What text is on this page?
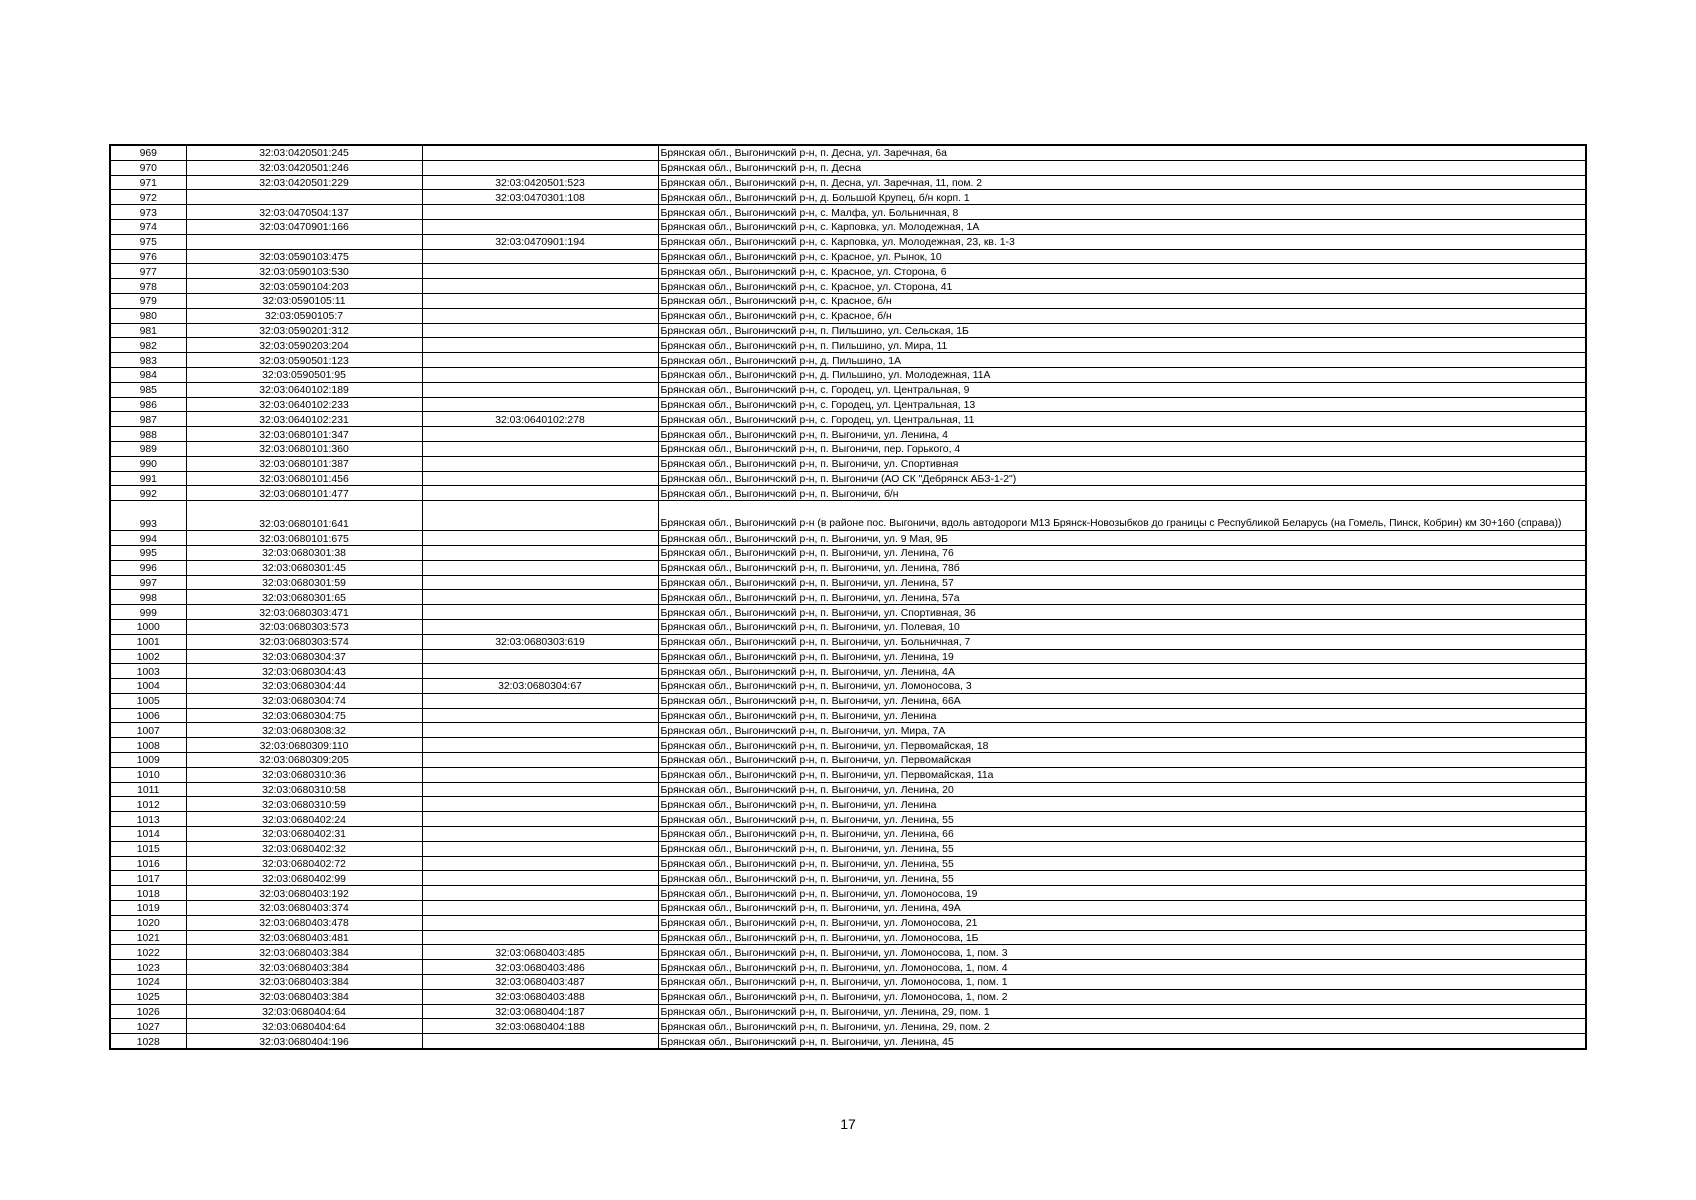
969	32:03:0420501:245		Брянская обл., Выгоничский р-н, п. Десна, ул. Заречная, 6а
970	32:03:0420501:246		Брянская обл., Выгоничский р-н, п. Десна
971	32:03:0420501:229	32:03:0420501:523	Брянская обл., Выгоничский р-н, п. Десна, ул. Заречная, 11, пом. 2
972		32:03:0470301:108	Брянская обл., Выгоничский р-н, д. Большой Крупец, б/н корп. 1
973	32:03:0470504:137		Брянская обл., Выгоничский р-н, с. Малфа, ул. Больничная, 8
974	32:03:0470901:166		Брянская обл., Выгоничский р-н, с. Карповка, ул. Молодежная, 1А
975		32:03:0470901:194	Брянская обл., Выгоничский р-н, с. Карповка, ул. Молодежная, 23, кв. 1-3
976	32:03:0590103:475		Брянская обл., Выгоничский р-н, с. Красное, ул. Рынок, 10
977	32:03:0590103:530		Брянская обл., Выгоничский р-н, с. Красное, ул. Сторона, 6
978	32:03:0590104:203		Брянская обл., Выгоничский р-н, с. Красное, ул. Сторона, 41
979	32:03:0590105:11		Брянская обл., Выгоничский р-н, с. Красное, б/н
980	32:03:0590105:7		Брянская обл., Выгоничский р-н, с. Красное, б/н
981	32:03:0590201:312		Брянская обл., Выгоничский р-н, п. Пильшино, ул. Сельская, 1Б
982	32:03:0590203:204		Брянская обл., Выгоничский р-н, п. Пильшино, ул. Мира, 11
983	32:03:0590501:123		Брянская обл., Выгоничский р-н, д. Пильшино, 1А
984	32:03:0590501:95		Брянская обл., Выгоничский р-н, д. Пильшино, ул. Молодежная, 11А
985	32:03:0640102:189		Брянская обл., Выгоничский р-н, с. Городец, ул. Центральная, 9
986	32:03:0640102:233		Брянская обл., Выгоничский р-н, с. Городец, ул. Центральная, 13
987	32:03:0640102:231	32:03:0640102:278	Брянская обл., Выгоничский р-н, с. Городец, ул. Центральная, 11
988	32:03:0680101:347		Брянская обл., Выгоничский р-н, п. Выгоничи, ул. Ленина, 4
989	32:03:0680101:360		Брянская обл., Выгоничский р-н, п. Выгоничи, пер. Горького, 4
990	32:03:0680101:387		Брянская обл., Выгоничский р-н, п. Выгоничи, ул. Спортивная
991	32:03:0680101:456		Брянская обл., Выгоничский р-н, п. Выгоничи (АО СК "Дебрянск АБЗ-1-2")
992	32:03:0680101:477		Брянская обл., Выгоничский р-н, п. Выгоничи, б/н
993	32:03:0680101:641		Брянская обл., Выгоничский р-н (в районе пос. Выгоничи, вдоль автодороги М13 Брянск-Новозыбков до границы с Республикой Беларусь (на Гомель, Пинск, Кобрин) км 30+160 (справа))
994	32:03:0680101:675		Брянская обл., Выгоничский р-н, п. Выгоничи, ул. 9 Мая, 9Б
995	32:03:0680301:38		Брянская обл., Выгоничский р-н, п. Выгоничи, ул. Ленина, 76
996	32:03:0680301:45		Брянская обл., Выгоничский р-н, п. Выгоничи, ул. Ленина, 78б
997	32:03:0680301:59		Брянская обл., Выгоничский р-н, п. Выгоничи, ул. Ленина, 57
998	32:03:0680301:65		Брянская обл., Выгоничский р-н, п. Выгоничи, ул. Ленина, 57а
999	32:03:0680303:471		Брянская обл., Выгоничский р-н, п. Выгоничи, ул. Спортивная, 36
1000	32:03:0680303:573		Брянская обл., Выгоничский р-н, п. Выгоничи, ул. Полевая, 10
1001	32:03:0680303:574	32:03:0680303:619	Брянская обл., Выгоничский р-н, п. Выгоничи, ул. Больничная, 7
1002	32:03:0680304:37		Брянская обл., Выгоничский р-н, п. Выгоничи, ул. Ленина, 19
1003	32:03:0680304:43		Брянская обл., Выгоничский р-н, п. Выгоничи, ул. Ленина, 4А
1004	32:03:0680304:44	32:03:0680304:67	Брянская обл., Выгоничский р-н, п. Выгоничи, ул. Ломоносова, 3
1005	32:03:0680304:74		Брянская обл., Выгоничский р-н, п. Выгоничи, ул. Ленина, 66А
1006	32:03:0680304:75		Брянская обл., Выгоничский р-н, п. Выгоничи, ул. Ленина
1007	32:03:0680308:32		Брянская обл., Выгоничский р-н, п. Выгоничи, ул. Мира, 7А
1008	32:03:0680309:110		Брянская обл., Выгоничский р-н, п. Выгоничи, ул. Первомайская, 18
1009	32:03:0680309:205		Брянская обл., Выгоничский р-н, п. Выгоничи, ул. Первомайская
1010	32:03:0680310:36		Брянская обл., Выгоничский р-н, п. Выгоничи, ул. Первомайская, 11а
1011	32:03:0680310:58		Брянская обл., Выгоничский р-н, п. Выгоничи, ул. Ленина, 20
1012	32:03:0680310:59		Брянская обл., Выгоничский р-н, п. Выгоничи, ул. Ленина
1013	32:03:0680402:24		Брянская обл., Выгоничский р-н, п. Выгоничи, ул. Ленина, 55
1014	32:03:0680402:31		Брянская обл., Выгоничский р-н, п. Выгоничи, ул. Ленина, 66
1015	32:03:0680402:32		Брянская обл., Выгоничский р-н, п. Выгоничи, ул. Ленина, 55
1016	32:03:0680402:72		Брянская обл., Выгоничский р-н, п. Выгоничи, ул. Ленина, 55
1017	32:03:0680402:99		Брянская обл., Выгоничский р-н, п. Выгоничи, ул. Ленина, 55
1018	32:03:0680403:192		Брянская обл., Выгоничский р-н, п. Выгоничи, ул. Ломоносова, 19
1019	32:03:0680403:374		Брянская обл., Выгоничский р-н, п. Выгоничи, ул. Ленина, 49А
1020	32:03:0680403:478		Брянская обл., Выгоничский р-н, п. Выгоничи, ул. Ломоносова, 21
1021	32:03:0680403:481		Брянская обл., Выгоничский р-н, п. Выгоничи, ул. Ломоносова, 1Б
1022	32:03:0680403:384	32:03:0680403:485	Брянская обл., Выгоничский р-н, п. Выгоничи, ул. Ломоносова, 1, пом. 3
1023	32:03:0680403:384	32:03:0680403:486	Брянская обл., Выгоничский р-н, п. Выгоничи, ул. Ломоносова, 1, пом. 4
1024	32:03:0680403:384	32:03:0680403:487	Брянская обл., Выгоничский р-н, п. Выгоничи, ул. Ломоносова, 1, пом. 1
1025	32:03:0680403:384	32:03:0680403:488	Брянская обл., Выгоничский р-н, п. Выгоничи, ул. Ломоносова, 1, пом. 2
1026	32:03:0680404:64	32:03:0680404:187	Брянская обл., Выгоничский р-н, п. Выгоничи, ул. Ленина, 29, пом. 1
1027	32:03:0680404:64	32:03:0680404:188	Брянская обл., Выгоничский р-н, п. Выгоничи, ул. Ленина, 29, пом. 2
1028	32:03:0680404:196		Брянская обл., Выгоничский р-н, п. Выгоничи, ул. Ленина, 45
17
